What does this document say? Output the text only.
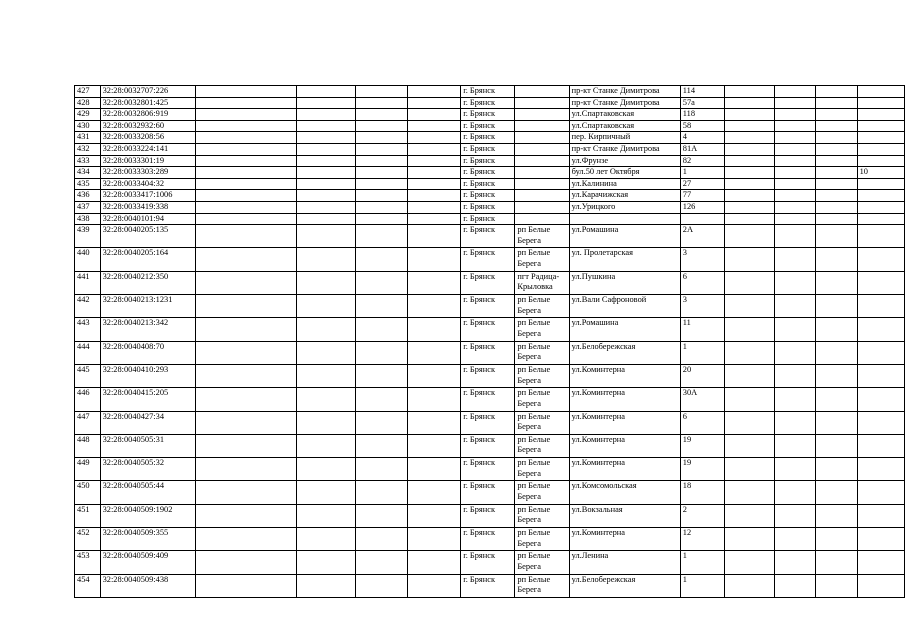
427	32:28:0032707:226					г. Брянск		пр-кт Станке Димитрова	114				
428	32:28:0032801:425					г. Брянск		пр-кт Станке Димитрова	57а				
429	32:28:0032806:919					г. Брянск		ул.Спартаковская	118				
430	32:28:0032932:60					г. Брянск		ул.Спартаковская	58				
431	32:28:0033208:56					г. Брянск		пер. Кирпичный	4				
432	32:28:0033224:141					г. Брянск		пр-кт Станке Димитрова	81А				
433	32:28:0033301:19					г. Брянск		ул.Фрунзе	82				
434	32:28:0033303:289					г. Брянск		бул.50 лет Октября	1				10
435	32:28:0033404:32					г. Брянск		ул.Калинина	27				
436	32:28:0033417:1006					г. Брянск		ул.Карачижская	77				
437	32:28:0033419:338					г. Брянск		ул.Урицкого	126				
438	32:28:0040101:94					г. Брянск							
439	32:28:0040205:135					г. Брянск	рп Белые Берега	ул.Ромашина	2А				
440	32:28:0040205:164					г. Брянск	рп Белые Берега	ул. Пролетарская	3				
441	32:28:0040212:350					г. Брянск	пгт Радица-Крыловка	ул.Пушкина	6				
442	32:28:0040213:1231					г. Брянск	рп Белые Берега	ул.Вали Сафроновой	3				
443	32:28:0040213:342					г. Брянск	рп Белые Берега	ул.Ромашина	11				
444	32:28:0040408:70					г. Брянск	рп Белые Берега	ул.Белобережская	1				
445	32:28:0040410:293					г. Брянск	рп Белые Берега	ул.Коминтерна	20				
446	32:28:0040415:205					г. Брянск	рп Белые Берега	ул.Коминтерна	30А				
447	32:28:0040427:34					г. Брянск	рп Белые Берега	ул.Коминтерна	6				
448	32:28:0040505:31					г. Брянск	рп Белые Берега	ул.Коминтерна	19				
449	32:28:0040505:32					г. Брянск	рп Белые Берега	ул.Коминтерна	19				
450	32:28:0040505:44					г. Брянск	рп Белые Берега	ул.Комсомольская	18				
451	32:28:0040509:1902					г. Брянск	рп Белые Берега	ул.Вокзальная	2				
452	32:28:0040509:355					г. Брянск	рп Белые Берега	ул.Коминтерна	12				
453	32:28:0040509:409					г. Брянск	рп Белые Берега	ул.Ленина	1				
454	32:28:0040509:438					г. Брянск	рп Белые Берега	ул.Белобережская	1				
